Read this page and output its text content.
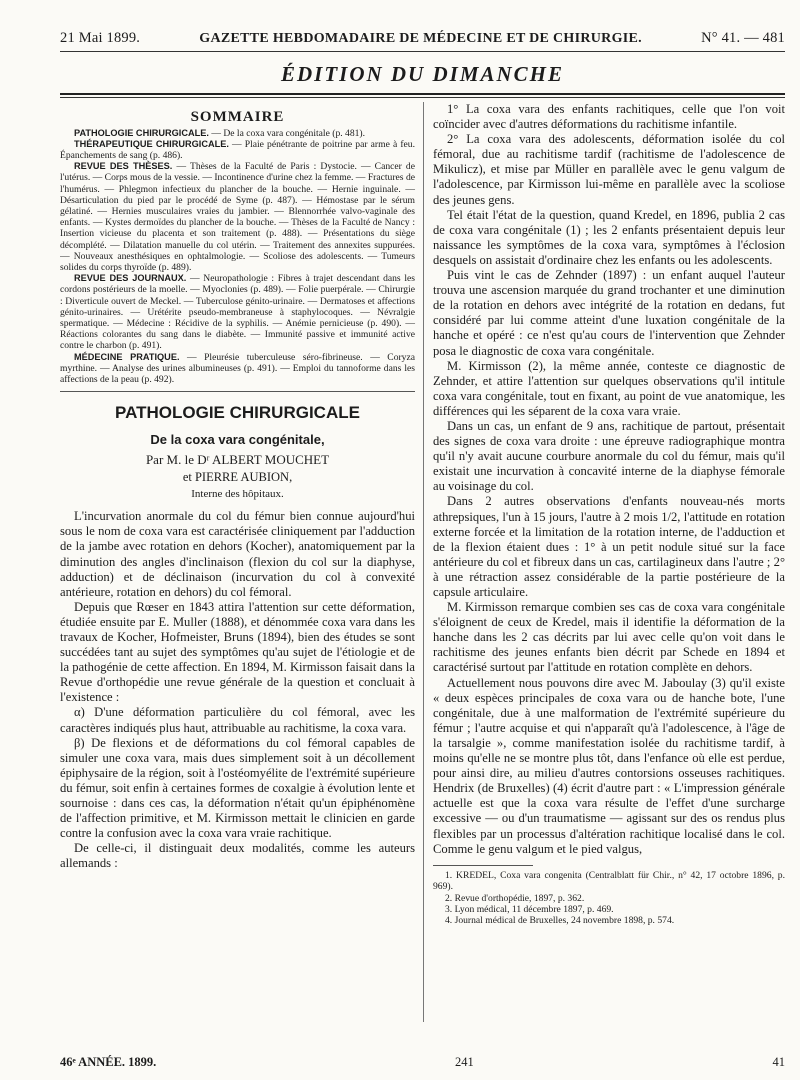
21 Mai 1899.	GAZETTE HEBDOMADAIRE DE MÉDECINE ET DE CHIRURGIE.	N° 41. — 481
ÉDITION DU DIMANCHE
SOMMAIRE

PATHOLOGIE CHIRURGICALE. — De la coxa vara congénitale (p. 481).

THÉRAPEUTIQUE CHIRURGICALE. — Plaie pénétrante de poitrine par arme à feu. Épanchements de sang (p. 486).

REVUE DES THÈSES. — Thèses de la Faculté de Paris : Dystocie. — Cancer de l'utérus. — Corps mous de la vessie. — Incontinence d'urine chez la femme. — Fractures de l'humérus. — Phlegmon infectieux du plancher de la bouche. — Hernie inguinale. — Désarticulation du pied par le procédé de Syme (p. 487). — Hémostase par le sérum gélatiné. — Hernies musculaires vraies du jambier. — Blennorrhée valvo-vaginale des enfants. — Kystes dermoïdes du plancher de la bouche. — Thèses de la Faculté de Nancy : Insertion vicieuse du placenta et son traitement (p. 488). — Présentations du siège décomplété. — Dilatation manuelle du col utérin. — Traitement des annexites suppurées. — Nouveaux anesthésiques en ophtalmologie. — Scoliose des adolescents. — Tumeurs solides du corps thyroïde (p. 489).

REVUE DES JOURNAUX. — Neuropathologie : Fibres à trajet descendant dans les cordons postérieurs de la moelle. — Myoclonies (p. 489). — Folie puerpérale. — Chirurgie : Diverticule ouvert de Meckel. — Tuberculose génito-urinaire. — Dermatoses et affections génito-urinaires. — Urétérite pseudo-membraneuse à staphylocoques. — Névralgie spermatique. — Médecine : Récidive de la syphilis. — Anémie pernicieuse (p. 490). — Réactions colorantes du sang dans le diabète. — Immunité passive et immunité active contre le charbon (p. 491).

MÉDECINE PRATIQUE. — Pleurésie tuberculeuse séro-fibrineuse. — Coryza myrthine. — Analyse des urines albumineuses (p. 491). — Emploi du tannoforme dans les affections de la peau (p. 492).

PATHOLOGIE CHIRURGICALE
De la coxa vara congénitale,
Par M. le Dʳ ALBERT MOUCHET
et PIERRE AUBION,
Interne des hôpitaux.

L'incurvation anormale du col du fémur bien connue aujourd'hui sous le nom de coxa vara est caractérisée cliniquement par l'adduction de la jambe avec rotation en dehors (Kocher), anatomiquement par la diminution des angles d'inclinaison (flexion du col sur la diaphyse, adduction) et de déclinaison (incurvation du col à convexité antérieure, rotation en dehors) du col fémoral.

Depuis que Rœser en 1843 attira l'attention sur cette déformation, étudiée ensuite par E. Muller (1888), et dénommée coxa vara dans les travaux de Kocher, Hofmeister, Bruns (1894), bien des études se sont succédées tant au sujet des symptômes qu'au sujet de l'étiologie et de la pathogénie de cette affection. En 1894, M. Kirmisson faisait dans la Revue d'orthopédie une revue générale de la question et concluait à l'existence :

α) D'une déformation particulière du col fémoral, avec les caractères indiqués plus haut, attribuable au rachitisme, la coxa vara.

β) De flexions et de déformations du col fémoral capables de simuler une coxa vara, mais dues simplement soit à un décollement épiphysaire de la région, soit à l'ostéomyélite de l'extrémité supérieure du fémur, soit enfin à certaines formes de coxalgie à évolution lente et sournoise : dans ces cas, la déformation n'était qu'un épiphénomène de l'affection primitive, et M. Kirmisson mettait le clinicien en garde contre la confusion avec la coxa vara vraie rachitique.

De celle-ci, il distinguait deux modalités, comme les auteurs allemands :

1° La coxa vara des enfants rachitiques, celle que l'on voit coïncider avec d'autres déformations du rachitisme infantile.

2° La coxa vara des adolescents, déformation isolée du col fémoral, due au rachitisme tardif (rachitisme de l'adolescence de Mikulicz), et mise par Müller en parallèle avec le genu valgum de l'adolescence, par Kirmisson lui-même en parallèle avec la scoliose des jeunes gens.

Tel était l'état de la question, quand Kredel, en 1896, publia 2 cas de coxa vara congénitale (1) ; les 2 enfants présentaient depuis leur naissance les symptômes de la coxa vara, symptômes à l'éclosion desquels on assistait d'ordinaire chez les enfants ou les adolescents.

Puis vint le cas de Zehnder (1897) : un enfant auquel l'auteur trouva une ascension marquée du grand trochanter et une diminution de la rotation en dehors avec intégrité de la rotation en dedans, fut considéré par lui comme atteint d'une luxation congénitale de la hanche et opéré : ce n'est qu'au cours de l'intervention que Zehnder posa le diagnostic de coxa vara congénitale.

M. Kirmisson (2), la même année, conteste ce diagnostic de Zehnder, et attire l'attention sur quelques observations qu'il intitule coxa vara congénitale, tout en fixant, au point de vue anatomique, les différences qui les séparent de la coxa vara vraie.

Dans un cas, un enfant de 9 ans, rachitique de partout, présentait des signes de coxa vara droite : une épreuve radiographique montra qu'il n'y avait aucune courbure anormale du col du fémur, mais qu'il existait une incurvation à concavité interne de la diaphyse fémorale au voisinage du col.

Dans 2 autres observations d'enfants nouveau-nés morts athrepsiques, l'un à 15 jours, l'autre à 2 mois 1/2, l'attitude en rotation externe forcée et la limitation de la rotation interne, de l'adduction et de la flexion étaient dues : 1° à un petit nodule situé sur la face antérieure du col et fibreux dans un cas, cartilagineux dans l'autre ; 2° à une rétraction assez considérable de la partie postérieure de la capsule articulaire.

M. Kirmisson remarque combien ses cas de coxa vara congénitale s'éloignent de ceux de Kredel, mais il identifie la déformation de la hanche dans les 2 cas décrits par lui avec celle qu'on voit dans le rachitisme des jeunes enfants bien décrit par Schede en 1894 et caractérisé surtout par l'attitude en rotation complète en dehors.

Actuellement nous pouvons dire avec M. Jaboulay (3) qu'il existe « deux espèces principales de coxa vara ou de hanche bote, l'une congénitale, due à une malformation de l'extrémité supérieure du fémur ; l'autre acquise et qui n'apparaît qu'à l'adolescence, à l'âge de la tarsalgie », comme manifestation isolée du rachitisme tardif, à moins qu'elle ne se montre plus tôt, dans l'enfance où elle est perdue, pour ainsi dire, au milieu d'autres contorsions osseuses rachitiques. Hendrix (de Bruxelles) (4) écrit d'autre part : « L'impression générale actuelle est que la coxa vara résulte de l'effet d'une surcharge excessive — ou d'un traumatisme — agissant sur des os rendus plus flexibles par un processus d'altération rachitique localisé dans le col. Comme le genu valgum et le pied valgus,

1. KREDEL, Coxa vara congenita (Centralblatt für Chir., n° 42, 17 octobre 1896, p. 969).
2. Revue d'orthopédie, 1897, p. 362.
3. Lyon médical, 11 décembre 1897, p. 469.
4. Journal médical de Bruxelles, 24 novembre 1898, p. 574.
46ᵉ ANNÉE. 1899.	241	41
